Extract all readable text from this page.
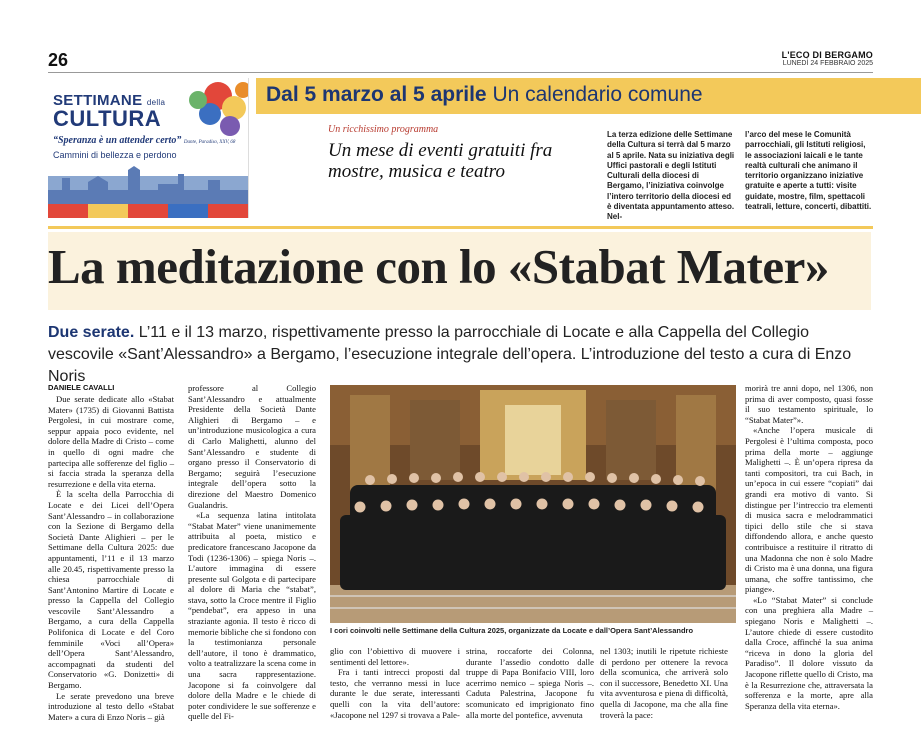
26	L'ECO DI BERGAMO
LUNEDÌ 24 FEBBRAIO 2025
SETTIMANE della
CULTURA
“Speranza è un attender certo” Dante, Paradiso, XXV, 68
Cammini di bellezza e perdono
Dal 5 marzo al 5 aprile Un calendario comune
Un ricchissimo programma
Un mese di eventi gratuiti fra mostre, musica e teatro
La terza edizione delle Settimane della Cultura si terrà dal 5 marzo al 5 aprile. Nata su iniziativa degli Uffici pastorali e degli Istituti Culturali della diocesi di Bergamo, l’iniziativa coinvolge l’intero territorio della diocesi ed è diventata appuntamento atteso. Nel-
l’arco del mese le Comunità parrocchiali, gli Istituti religiosi, le associazioni laicali e le tante realtà culturali che animano il territorio organizzano iniziative gratuite e aperte a tutti: visite guidate, mostre, film, spettacoli teatrali, letture, concerti, dibattiti.
La meditazione con lo «Stabat Mater»
Due serate. L’11 e il 13 marzo, rispettivamente presso la parrocchiale di Locate e alla Cappella del Collegio vescovile «Sant’Alessandro» a Bergamo, l’esecuzione integrale dell’opera. L’introduzione del testo a cura di Enzo Noris
DANIELE CAVALLI

Due serate dedicate allo «Stabat Mater» (1735) di Giovanni Battista Pergolesi, in cui mostrare come, seppur appaia poco evidente, nel dolore della Madre di Cristo – come in quello di ogni madre che partecipa alle sofferenze del figlio – si faccia strada la speranza della resurrezione e della vita eterna.

È la scelta della Parrocchia di Locate e dei Licei dell’Opera Sant’Alessandro – in collaborazione con la Sezione di Bergamo della Società Dante Alighieri – per le Settimane della Cultura 2025: due appuntamenti, l’11 e il 13 marzo alle 20.45, rispettivamente presso la chiesa parrocchiale di Sant’Antonino Martire di Locate e presso la Cappella del Collegio vescovile Sant’Alessandro a Bergamo, a cura della Cappella Polifonica di Locate e del Coro femminile «Voci all’Opera» dell’Opera Sant’Alessandro, accompagnati da studenti del Conservatorio «G. Donizetti» di Bergamo.

Le serate prevedono una breve introduzione al testo dello «Stabat Mater» a cura di Enzo Noris – già

professore al Collegio Sant’Alessandro e attualmente Presidente della Società Dante Alighieri di Bergamo – e un’introduzione musicologica a cura di Carlo Malighetti, alunno del Sant’Alessandro e studente di organo presso il Conservatorio di Bergamo; seguirà l’esecuzione integrale dell’opera sotto la direzione del Maestro Domenico Gualandris.

«La sequenza latina intitolata “Stabat Mater” viene unanimemente attribuita al poeta, mistico e predicatore francescano Jacopone da Todi (1236-1306) – spiega Noris –. L’autore immagina di essere presente sul Golgota e di partecipare al dolore di Maria che “stabat”, stava, sotto la Croce mentre il Figlio “pendebat”, era appeso in una straziante agonia. Il testo è ricco di memorie bibliche che si fondono con la testimonianza personale dell’autore, il tono è drammatico, volto a teatralizzare la scena come in una sacra rappresentazione. Jacopone si fa coinvolgere dal dolore della Madre e le chiede di poter condividere le sue sofferenze e quelle del Fi-

I cori coinvolti nelle Settimane della Cultura 2025, organizzate da Locate e dall’Opera Sant’Alessandro

glio con l’obiettivo di muovere i sentimenti del lettore».

Fra i tanti intrecci proposti dal testo, che verranno messi in luce durante le due serate, interessanti quelli con la vita dell’autore: «Jacopone nel 1297 si trovava a Pale-

strina, roccaforte dei Colonna, durante l’assedio condotto dalle truppe di Papa Bonifacio VIII, loro acerrimo nemico – spiega Noris –. Caduta Palestrina, Jacopone fu scomunicato ed imprigionato fino alla morte del pontefice, avvenuta

nel 1303; inutili le ripetute richieste di perdono per ottenere la revoca della scomunica, che arriverà solo con il successore, Benedetto XI. Una vita avventurosa e piena di difficoltà, quella di Jacopone, ma che alla fine troverà la pace:

morirà tre anni dopo, nel 1306, non prima di aver composto, quasi fosse il suo testamento spirituale, lo “Stabat Mater”».

«Anche l’opera musicale di Pergolesi è l’ultima composta, poco prima della morte – aggiunge Malighetti –. È un’opera ripresa da tanti compositori, tra cui Bach, in un’epoca in cui essere “copiati” dai grandi era motivo di vanto. Si distingue per l’intreccio tra elementi di musica sacra e melodrammatici tipici dello stile che si stava diffondendo allora, e anche questo contribuisce a restituire il ritratto di una Madonna che non è solo Madre di Cristo ma è una donna, una figura umana, che soffre tantissimo, che piange».

«Lo “Stabat Mater” si conclude con una preghiera alla Madre – spiegano Noris e Malighetti –. L’autore chiede di essere custodito dalla Croce, affinché la sua anima “riceva in dono la gloria del Paradiso”. Il dolore vissuto da Jacopone riflette quello di Cristo, ma è la Resurrezione che, attraversata la sofferenza e la morte, apre alla Speranza della vita eterna».
